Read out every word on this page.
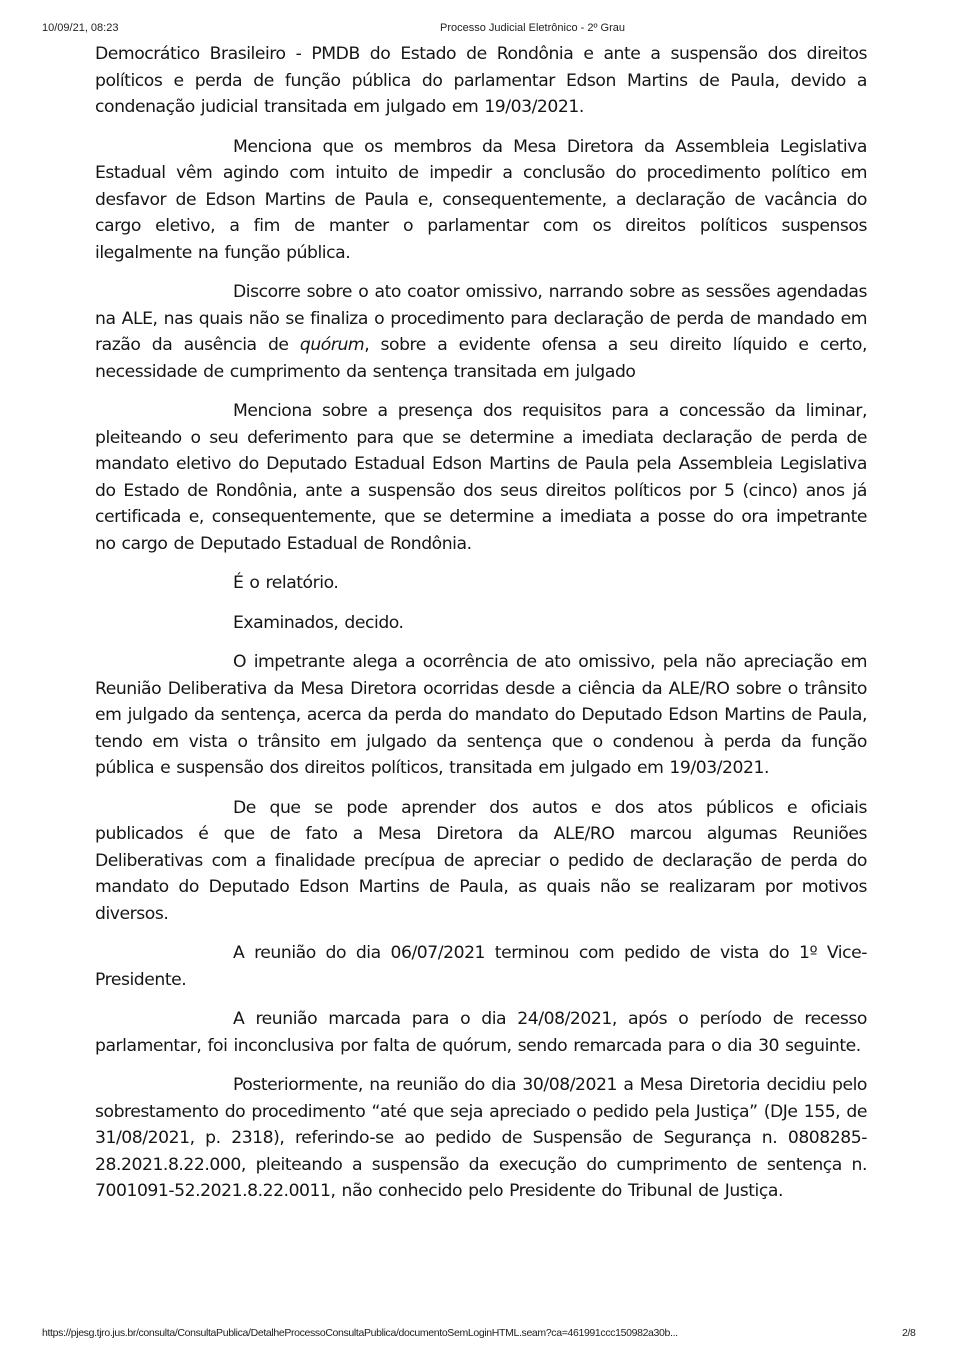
10/09/21, 08:23	Processo Judicial Eletrônico - 2º Grau

Democrático Brasileiro - PMDB do Estado de Rondônia e ante a suspensão dos direitos políticos e perda de função pública do parlamentar Edson Martins de Paula, devido a condenação judicial transitada em julgado em 19/03/2021.

Menciona que os membros da Mesa Diretora da Assembleia Legislativa Estadual vêm agindo com intuito de impedir a conclusão do procedimento político em desfavor de Edson Martins de Paula e, consequentemente, a declaração de vacância do cargo eletivo, a fim de manter o parlamentar com os direitos políticos suspensos ilegalmente na função pública.

Discorre sobre o ato coator omissivo, narrando sobre as sessões agendadas na ALE, nas quais não se finaliza o procedimento para declaração de perda de mandado em razão da ausência de quórum, sobre a evidente ofensa a seu direito líquido e certo, necessidade de cumprimento da sentença transitada em julgado

Menciona sobre a presença dos requisitos para a concessão da liminar, pleiteando o seu deferimento para que se determine a imediata declaração de perda de mandato eletivo do Deputado Estadual Edson Martins de Paula pela Assembleia Legislativa do Estado de Rondônia, ante a suspensão dos seus direitos políticos por 5 (cinco) anos já certificada e, consequentemente, que se determine a imediata a posse do ora impetrante no cargo de Deputado Estadual de Rondônia.

É o relatório.

Examinados, decido.

O impetrante alega a ocorrência de ato omissivo, pela não apreciação em Reunião Deliberativa da Mesa Diretora ocorridas desde a ciência da ALE/RO sobre o trânsito em julgado da sentença, acerca da perda do mandato do Deputado Edson Martins de Paula, tendo em vista o trânsito em julgado da sentença que o condenou à perda da função pública e suspensão dos direitos políticos, transitada em julgado em 19/03/2021.

De que se pode aprender dos autos e dos atos públicos e oficiais publicados é que de fato a Mesa Diretora da ALE/RO marcou algumas Reuniões Deliberativas com a finalidade precípua de apreciar o pedido de declaração de perda do mandato do Deputado Edson Martins de Paula, as quais não se realizaram por motivos diversos.

A reunião do dia 06/07/2021 terminou com pedido de vista do 1º Vice-Presidente.

A reunião marcada para o dia 24/08/2021, após o período de recesso parlamentar, foi inconclusiva por falta de quórum, sendo remarcada para o dia 30 seguinte.

Posteriormente, na reunião do dia 30/08/2021 a Mesa Diretoria decidiu pelo sobrestamento do procedimento “até que seja apreciado o pedido pela Justiça” (DJe 155, de 31/08/2021, p. 2318), referindo-se ao pedido de Suspensão de Segurança n. 0808285-28.2021.8.22.000, pleiteando a suspensão da execução do cumprimento de sentença n. 7001091-52.2021.8.22.0011, não conhecido pelo Presidente do Tribunal de Justiça.

https://pjesg.tjro.jus.br/consulta/ConsultaPublica/DetalheProcessoConsultaPublica/documentoSemLoginHTML.seam?ca=461991ccc150982a30b...	2/8
